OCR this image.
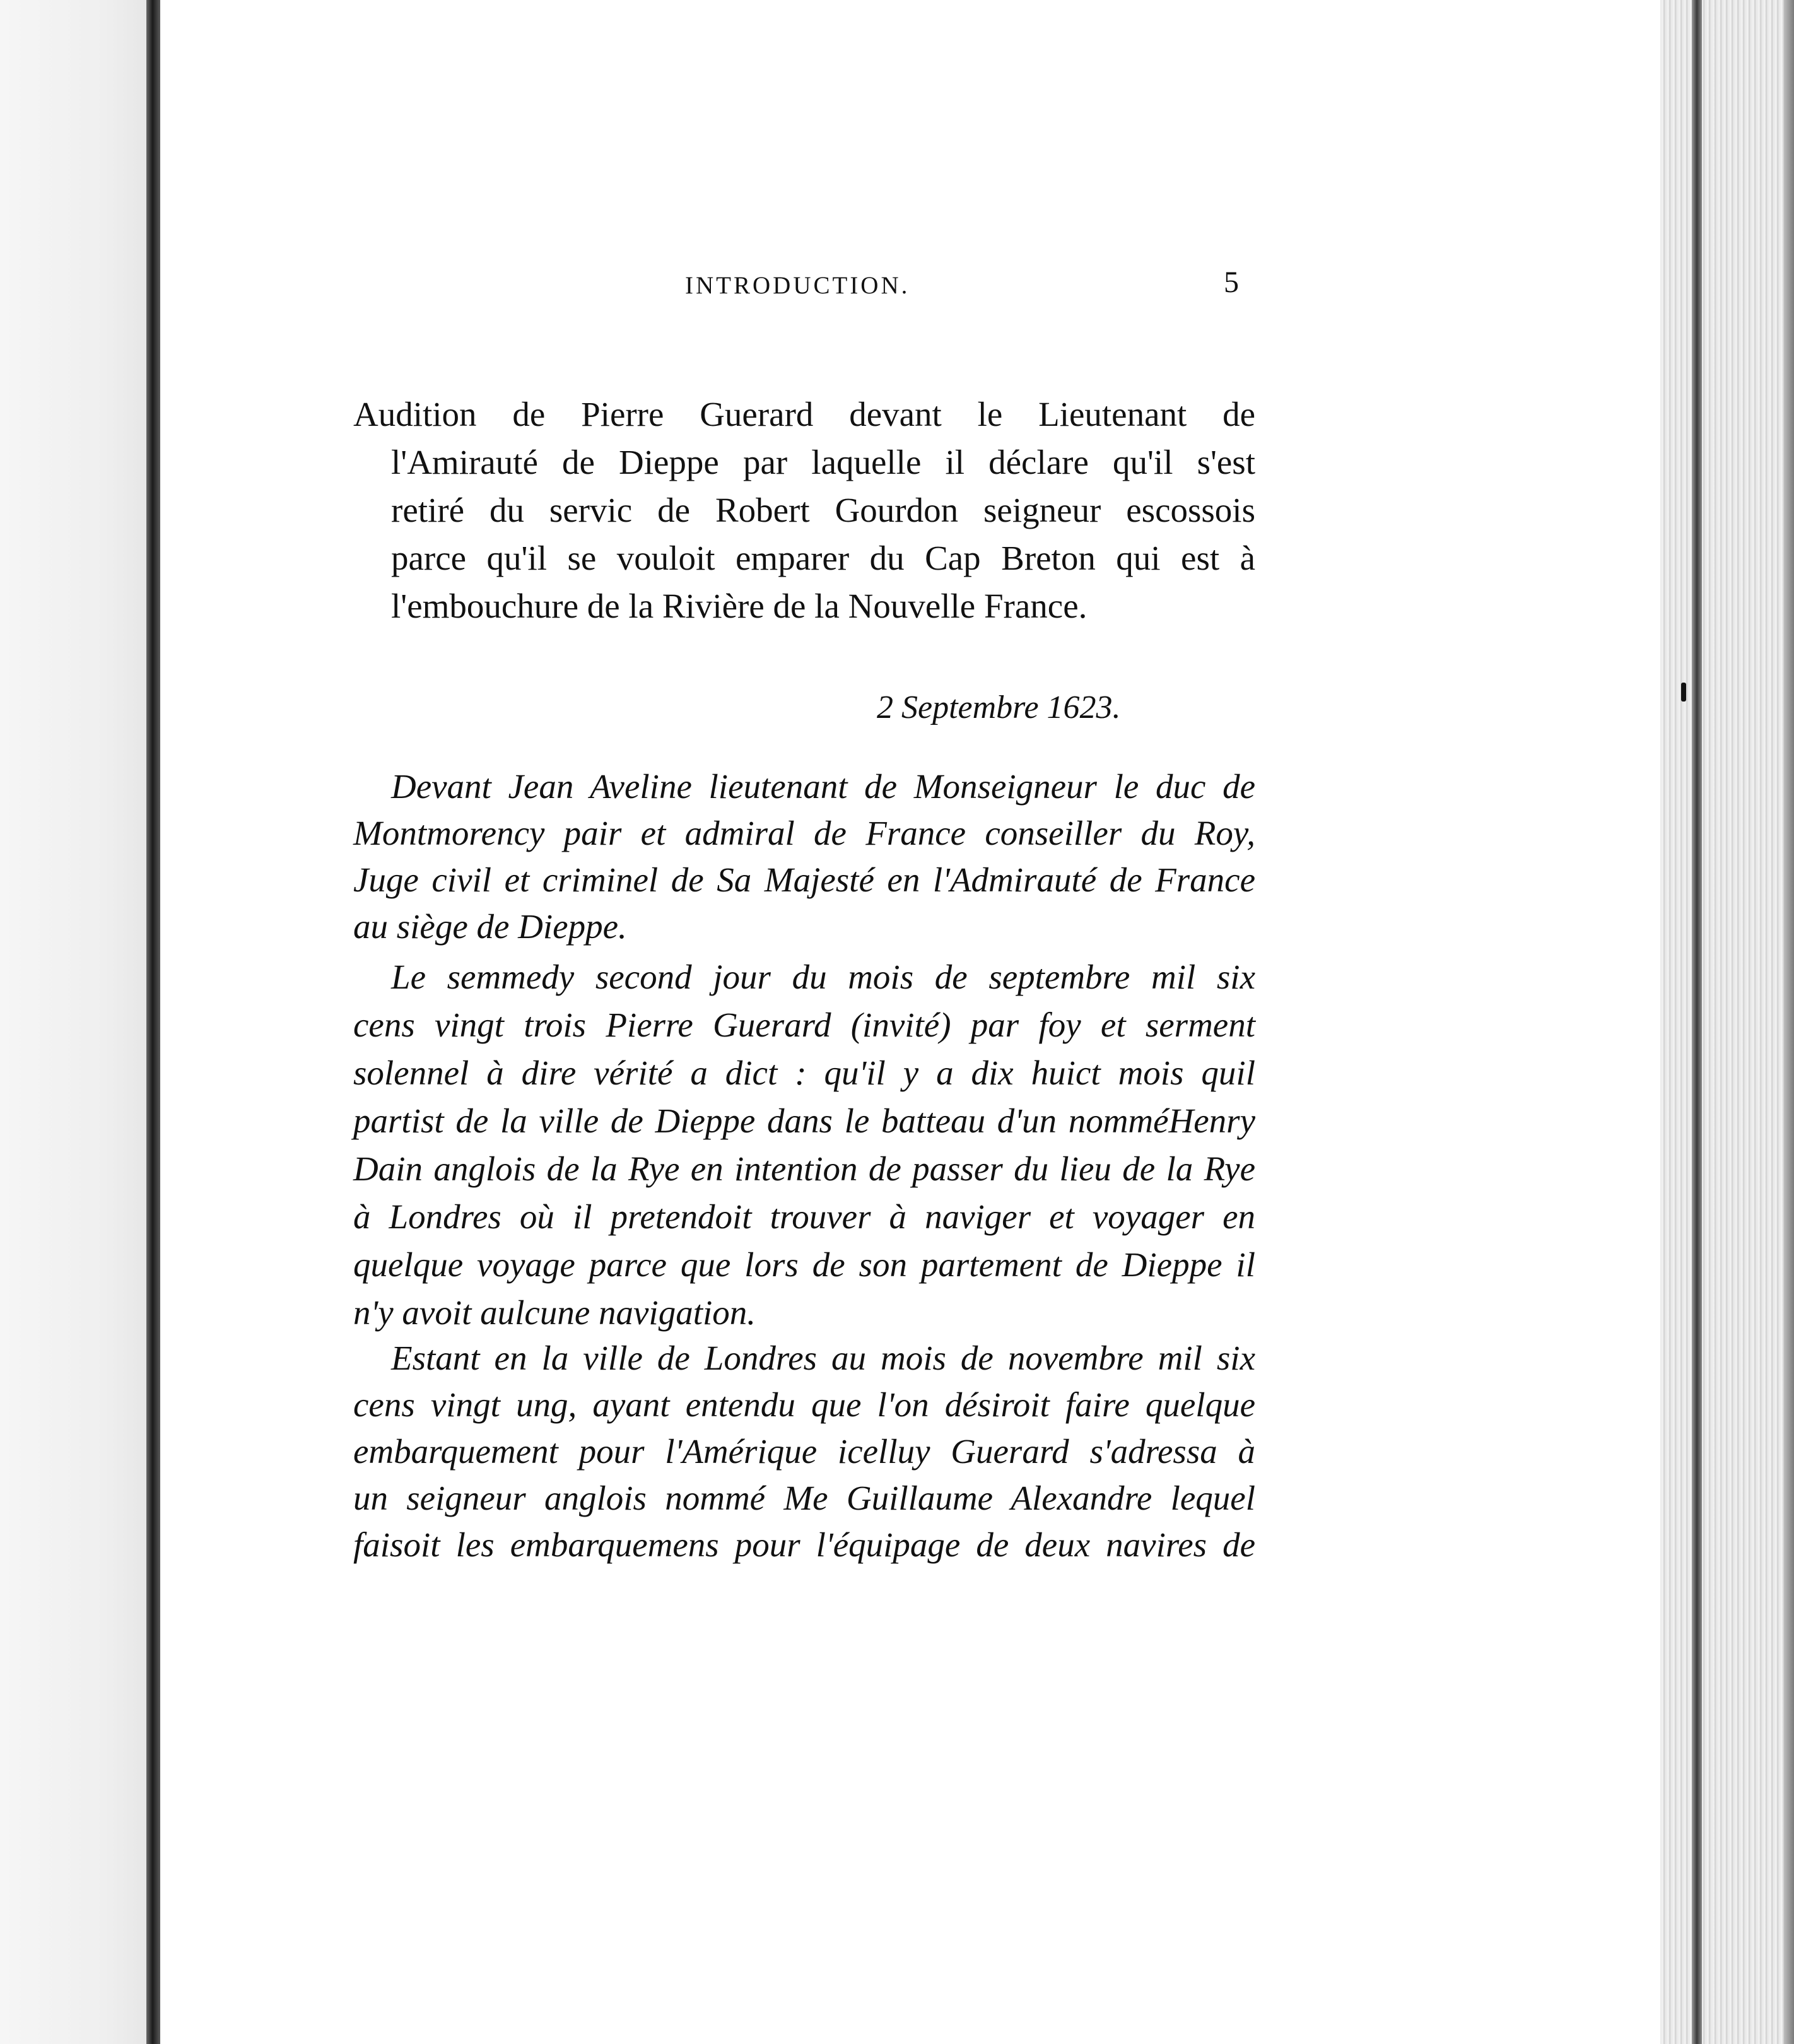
INTRODUCTION.	5
Audition de Pierre Guerard devant le Lieutenant de
l'Amirauté de Dieppe par laquelle il déclare qu'il s'est
retiré du servic de Robert Gourdon seigneur escossois
parce qu'il se vouloit emparer du Cap Breton qui est à
l'embouchure de la Rivière de la Nouvelle France.
2 Septembre 1623.
Devant Jean Aveline lieutenant de Monseigneur le duc de
Montmorency pair et admiral de France conseiller du Roy,
Juge civil et criminel de Sa Majesté en l'Admirauté de France
au siège de Dieppe.
Le semmedy second jour du mois de septembre mil six
cens vingt trois Pierre Guerard (invité) par foy et serment
solennel à dire vérité a dict : qu'il y a dix huict mois quil
partist de la ville de Dieppe dans le batteau d'un nomméHenry
Dain anglois de la Rye en intention de passer du lieu de la Rye
à Londres où il pretendoit trouver à naviger et voyager en
quelque voyage parce que lors de son partement de Dieppe il
n'y avoit aulcune navigation.
Estant en la ville de Londres au mois de novembre mil six
cens vingt ung, ayant entendu que l'on désiroit faire quelque
embarquement pour l'Amérique icelluy Guerard s'adressa à
un seigneur anglois nommé Me Guillaume Alexandre lequel
faisoit les embarquemens pour l'équipage de deux navires de
